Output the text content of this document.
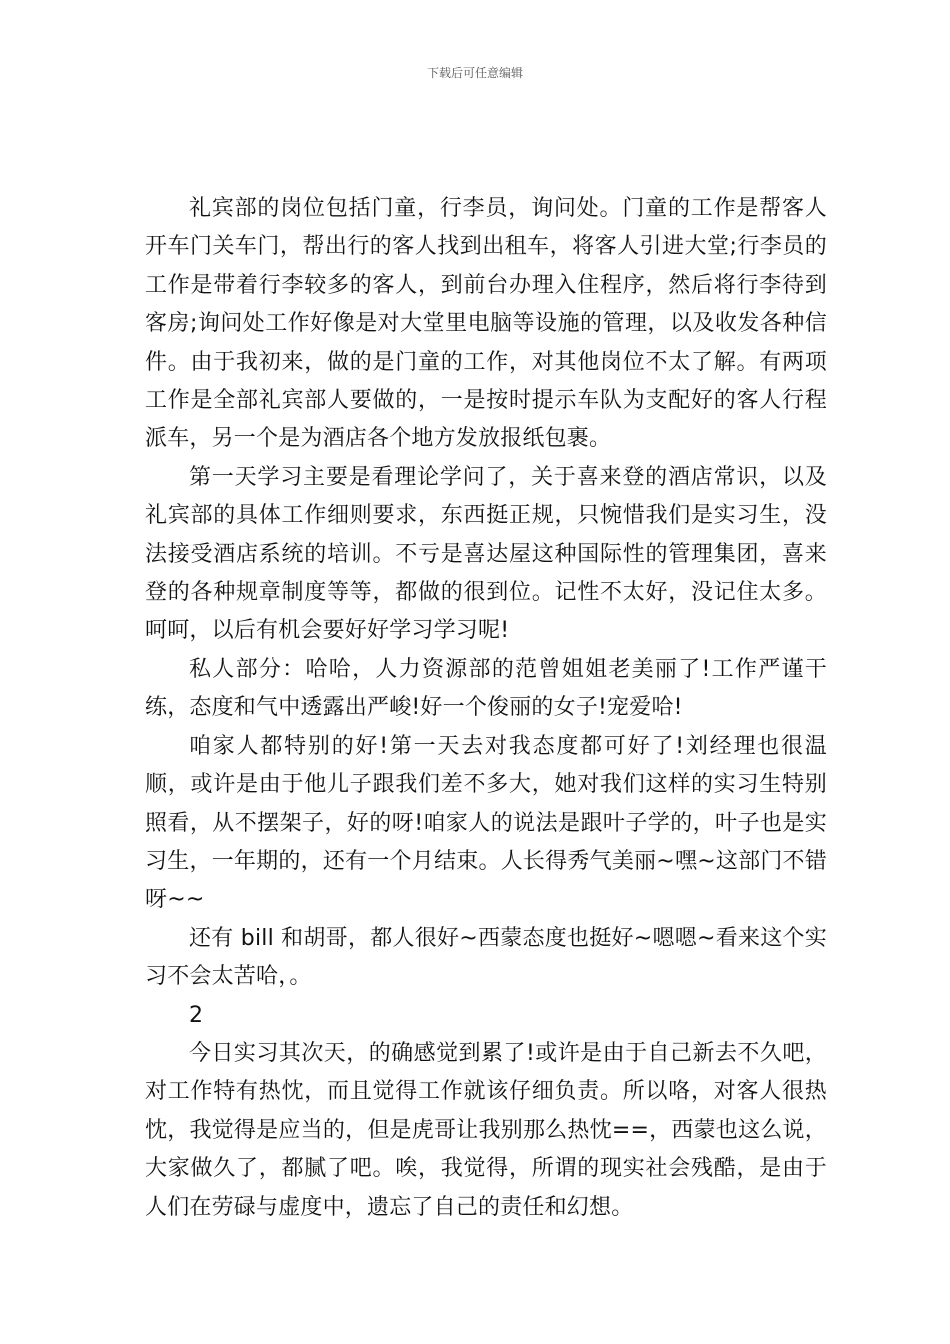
下载后可任意编辑

礼宾部的岗位包括门童，行李员，询问处。门童的工作是帮客人开车门关车门，帮出行的客人找到出租车，将客人引进大堂;行李员的工作是带着行李较多的客人，到前台办理入住程序，然后将行李待到客房;询问处工作好像是对大堂里电脑等设施的管理，以及收发各种信件。由于我初来，做的是门童的工作，对其他岗位不太了解。有两项工作是全部礼宾部人要做的，一是按时提示车队为支配好的客人行程派车，另一个是为酒店各个地方发放报纸包裹。

第一天学习主要是看理论学问了，关于喜来登的酒店常识，以及礼宾部的具体工作细则要求，东西挺正规，只惋惜我们是实习生，没法接受酒店系统的培训。不亏是喜达屋这种国际性的管理集团，喜来登的各种规章制度等等，都做的很到位。记性不太好，没记住太多。呵呵，以后有机会要好好学习学习呢!

私人部分：哈哈，人力资源部的范曾姐姐老美丽了!工作严谨干练，态度和气中透露出严峻!好一个俊丽的女子!宠爱哈!

咱家人都特别的好!第一天去对我态度都可好了!刘经理也很温顺，或许是由于他儿子跟我们差不多大，她对我们这样的实习生特别照看，从不摆架子，好的呀!咱家人的说法是跟叶子学的，叶子也是实习生，一年期的，还有一个月结束。人长得秀气美丽~嘿~这部门不错呀~~

还有 bill 和胡哥，都人很好~西蒙态度也挺好~嗯嗯~看来这个实习不会太苦哈，。

2

今日实习其次天，的确感觉到累了!或许是由于自己新去不久吧，对工作特有热忱，而且觉得工作就该仔细负责。所以咯，对客人很热忱，我觉得是应当的，但是虎哥让我别那么热忱==，西蒙也这么说，大家做久了，都腻了吧。唉，我觉得，所谓的现实社会残酷，是由于人们在劳碌与虚度中，遗忘了自己的责任和幻想。
